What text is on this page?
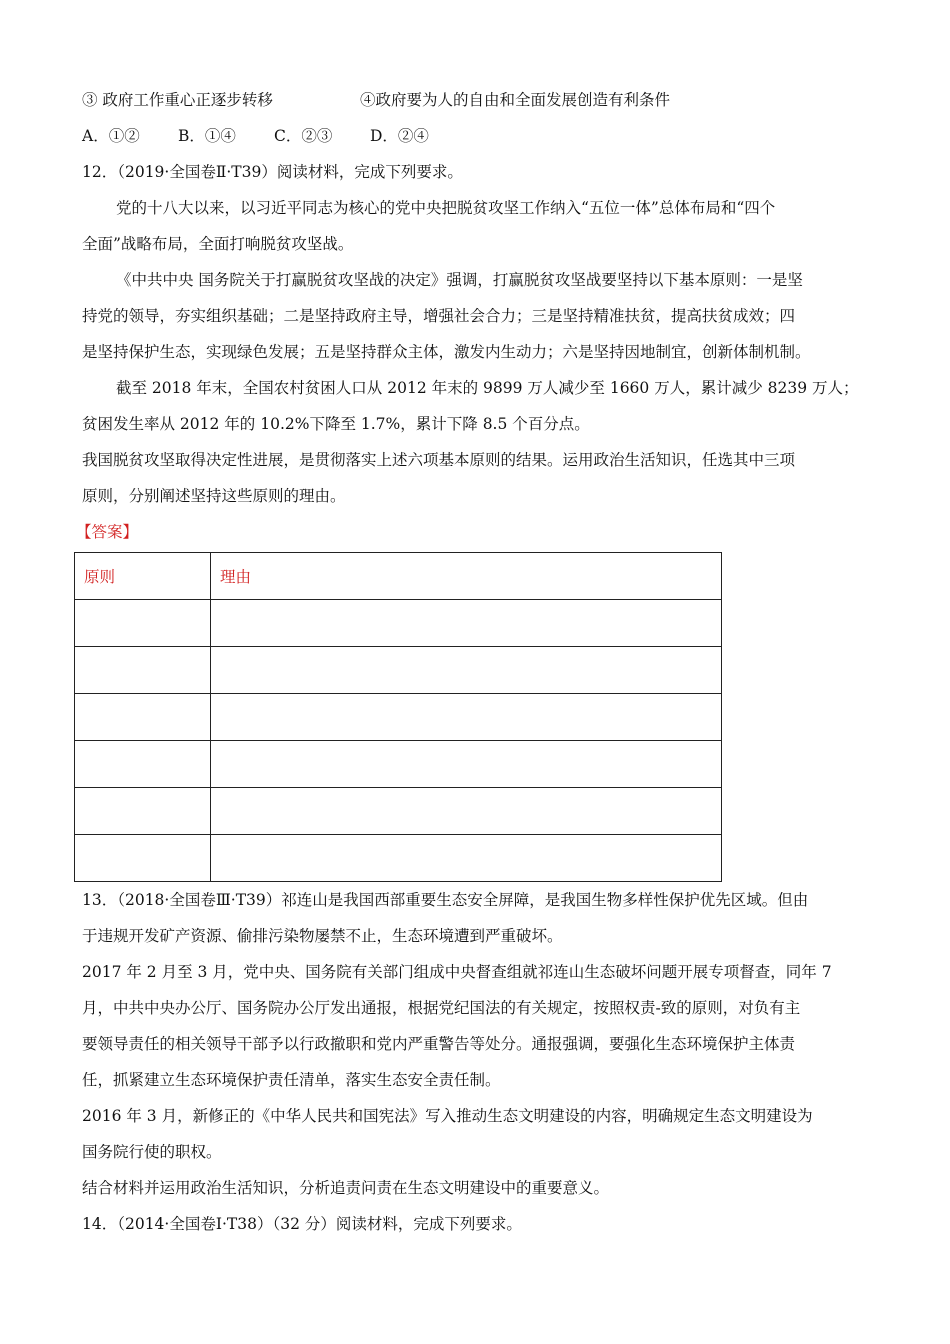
③ 政府工作重心正逐步转移	④政府要为人的自由和全面发展创造有利条件
A．①② B．①④ C．②③ D．②④
12．（2019·全国卷Ⅱ·T39）阅读材料，完成下列要求。
党的十八大以来，以习近平同志为核心的党中央把脱贫攻坚工作纳入“五位一体”总体布局和“四个
全面”战略布局，全面打响脱贫攻坚战。
《中共中央 国务院关于打赢脱贫攻坚战的决定》强调，打赢脱贫攻坚战要坚持以下基本原则：一是坚
持党的领导，夯实组织基础；二是坚持政府主导，增强社会合力；三是坚持精准扶贫，提高扶贫成效；四
是坚持保护生态，实现绿色发展；五是坚持群众主体，激发内生动力；六是坚持因地制宜，创新体制机制。
截至 2018 年末，全国农村贫困人口从 2012 年末的 9899 万人减少至 1660 万人，累计减少 8239 万人；
贫困发生率从 2012 年的 10.2%下降至 1.7%，累计下降 8.5 个百分点。
我国脱贫攻坚取得决定性进展，是贯彻落实上述六项基本原则的结果。运用政治生活知识，任选其中三项
原则，分别阐述坚持这些原则的理由。
【答案】
原则	理由

13．（2018·全国卷Ⅲ·T39）祁连山是我国西部重要生态安全屏障，是我国生物多样性保护优先区域。但由
于违规开发矿产资源、偷排污染物屡禁不止，生态环境遭到严重破坏。
2017 年 2 月至 3 月，党中央、国务院有关部门组成中央督查组就祁连山生态破坏问题开展专项督查，同年 7
月，中共中央办公厅、国务院办公厅发出通报，根据党纪国法的有关规定，按照权责-致的原则，对负有主
要领导责任的相关领导干部予以行政撤职和党内严重警告等处分。通报强调，要强化生态环境保护主体责
任，抓紧建立生态环境保护责任清单，落实生态安全责任制。
2016 年 3 月，新修正的《中华人民共和国宪法》写入推动生态文明建设的内容，明确规定生态文明建设为
国务院行使的职权。
结合材料并运用政治生活知识，分析追责问责在生态文明建设中的重要意义。
14．（2014·全国卷Ⅰ·T38）（32 分）阅读材料，完成下列要求。
